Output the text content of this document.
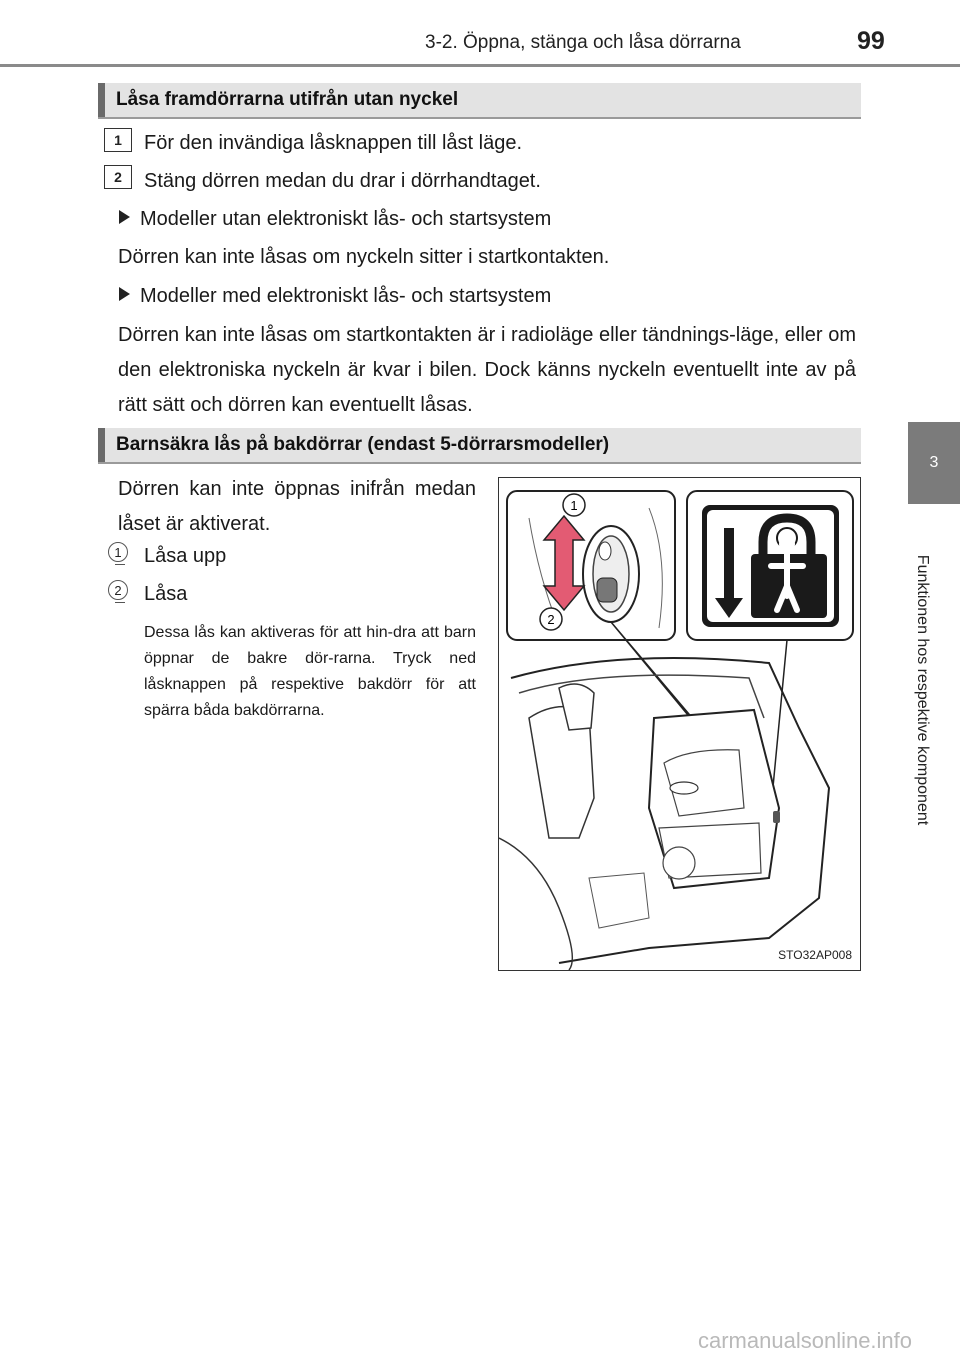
3-2. Öppna, stänga och låsa dörrarna	99
3
Funktionen hos respektive komponent
Låsa framdörrarna utifrån utan nyckel
1	För den invändiga låsknappen till låst läge.
2	Stäng dörren medan du drar i dörrhandtaget.
Modeller utan elektroniskt lås- och startsystem
Dörren kan inte låsas om nyckeln sitter i startkontakten.
Modeller med elektroniskt lås- och startsystem
Dörren kan inte låsas om startkontakten är i radioläge eller tändnings-läge, eller om den elektroniska nyckeln är kvar i bilen. Dock känns nyckeln eventuellt inte av på rätt sätt och dörren kan eventuellt låsas.
Barnsäkra lås på bakdörrar (endast 5-dörrarsmodeller)
Dörren kan inte öppnas inifrån medan låset är aktiverat.
1	Låsa upp
2	Låsa
Dessa lås kan aktiveras för att hin-dra att barn öppnar de bakre dör-rarna. Tryck ned låsknappen på respektive bakdörr för att spärra båda bakdörrarna.
1
2
STO32AP008
carmanualsonline.info
